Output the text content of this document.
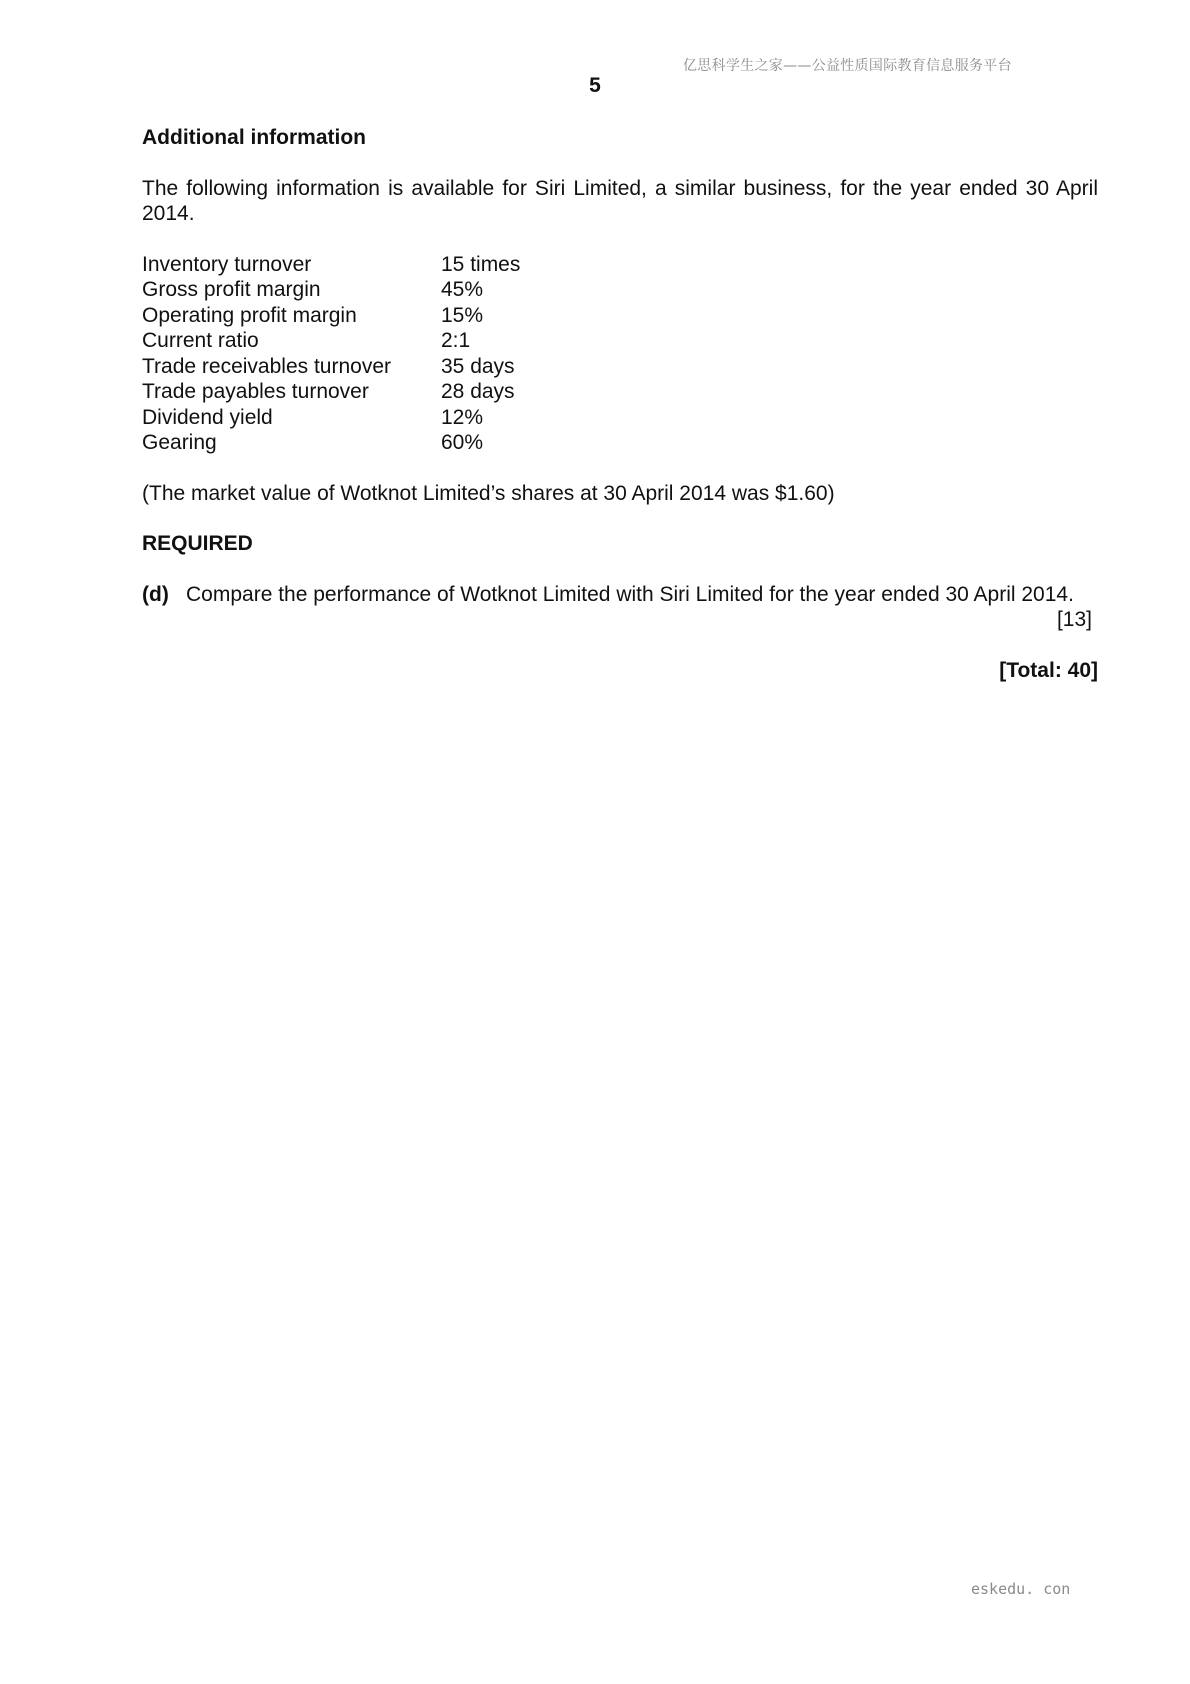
亿思科学生之家——公益性质国际教育信息服务平台
5

Additional information

The following information is available for Siri Limited, a similar business, for the year ended 30 April 2014.

Inventory turnover	15 times
Gross profit margin	45%
Operating profit margin	15%
Current ratio	2:1
Trade receivables turnover	35 days
Trade payables turnover	28 days
Dividend yield	12%
Gearing	60%

(The market value of Wotknot Limited’s shares at 30 April 2014 was $1.60)

REQUIRED

(d) Compare the performance of Wotknot Limited with Siri Limited for the year ended 30 April 2014.
[13]
[Total: 40]
eskedu. con
